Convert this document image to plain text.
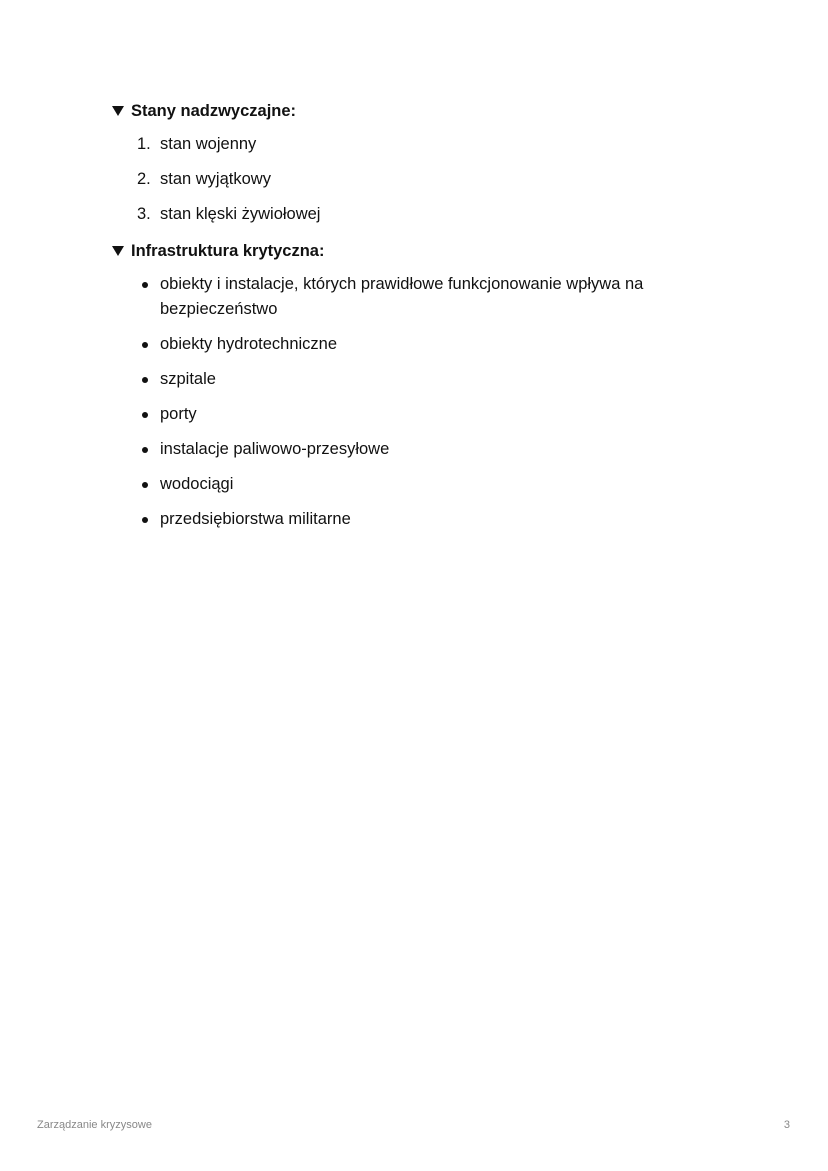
Stany nadzwyczajne:
1. stan wojenny
2. stan wyjątkowy
3. stan klęski żywiołowej
Infrastruktura krytyczna:
obiekty i instalacje, których prawidłowe funkcjonowanie wpływa na bezpieczeństwo
obiekty hydrotechniczne
szpitale
porty
instalacje paliwowo-przesyłowe
wodociągi
przedsiębiorstwa militarne
Zarządzanie kryzysowe	3
